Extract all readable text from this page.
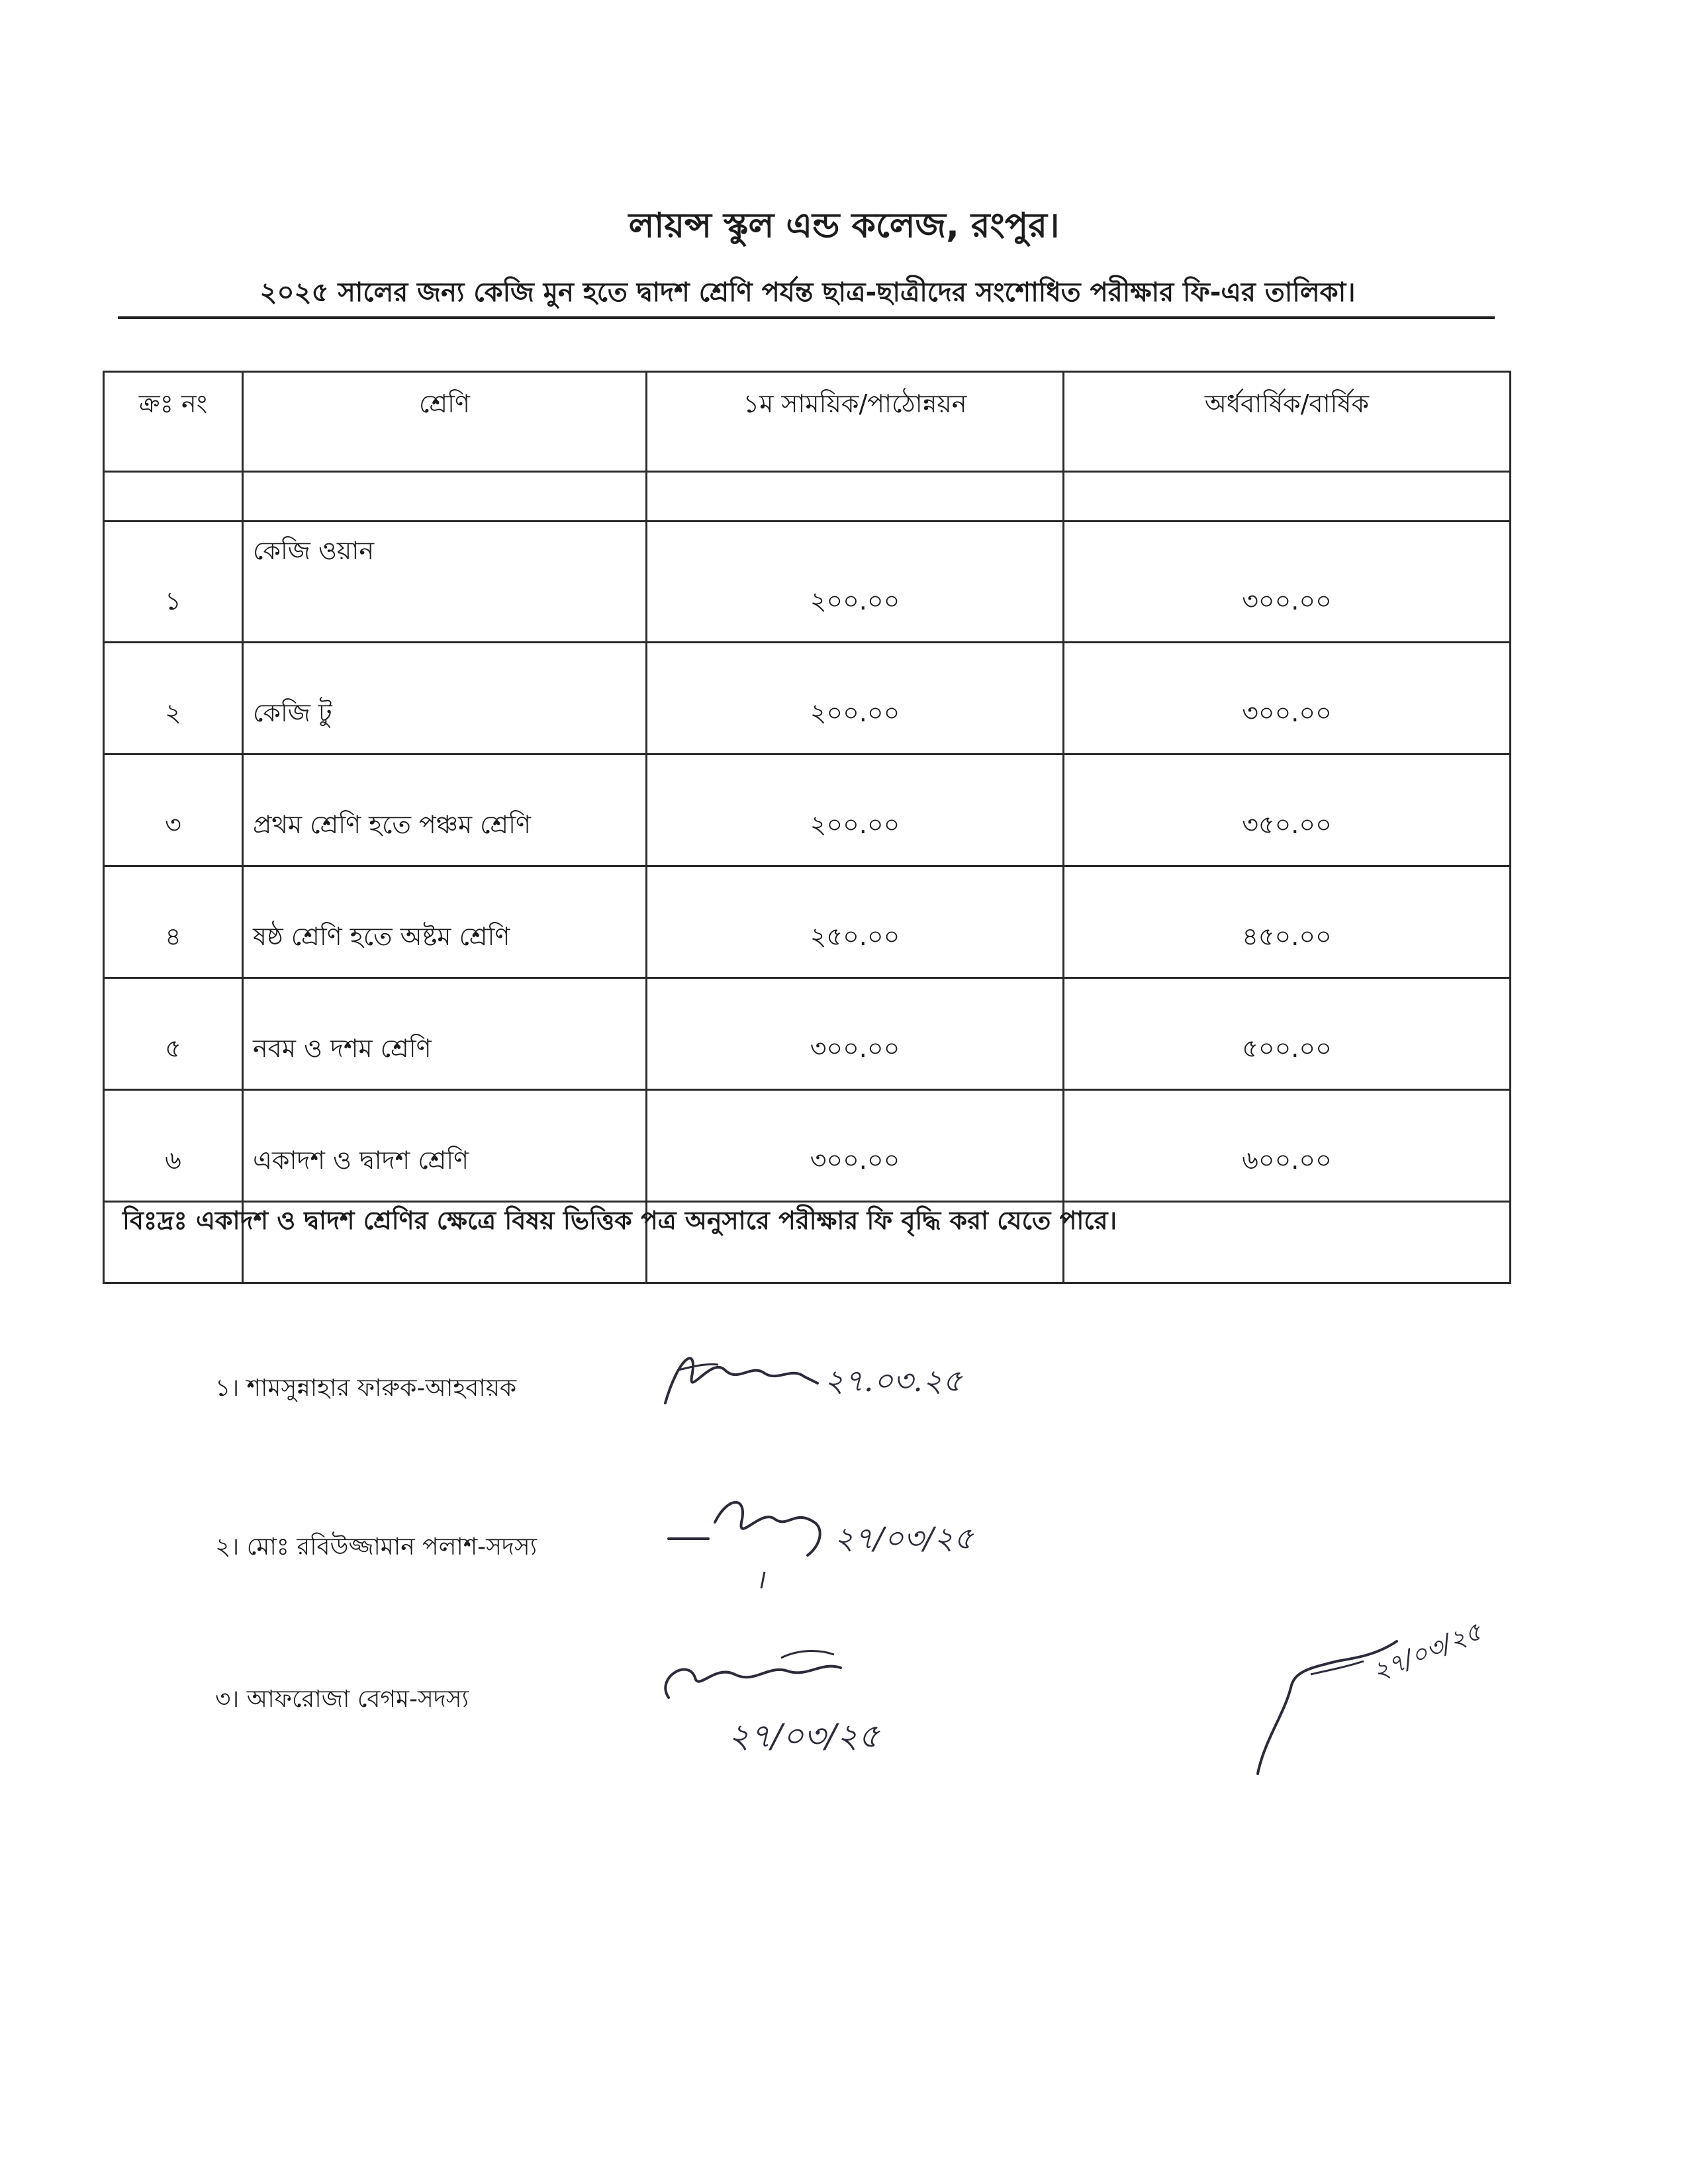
লায়ন্স স্কুল এন্ড কলেজ, রংপুর।
২০২৫ সালের জন্য কেজি মুন হতে দ্বাদশ শ্রেণি পর্যন্ত ছাত্র-ছাত্রীদের সংশোধিত পরীক্ষার ফি-এর তালিকা।
ক্রঃ নং	শ্রেণি	১ম সাময়িক/পাঠোন্নয়ন	অর্ধবার্ষিক/বার্ষিক

১	কেজি ওয়ান	২০০.০০	৩০০.০০
২	কেজি টু	২০০.০০	৩০০.০০
৩	প্রথম শ্রেণি হতে পঞ্চম শ্রেণি	২০০.০০	৩৫০.০০
৪	ষষ্ঠ শ্রেণি হতে অষ্টম শ্রেণি	২৫০.০০	৪৫০.০০
৫	নবম ও দশম শ্রেণি	৩০০.০০	৫০০.০০
৬	একাদশ ও দ্বাদশ শ্রেণি	৩০০.০০	৬০০.০০

বিঃদ্রঃ একাদশ ও দ্বাদশ শ্রেণির ক্ষেত্রে বিষয় ভিত্তিক পত্র অনুসারে পরীক্ষার ফি বৃদ্ধি করা যেতে পারে।
১। শামসুন্নাহার ফারুক-আহবায়ক
২। মোঃ রবিউজ্জামান পলাশ-সদস্য
৩। আফরোজা বেগম-সদস্য
২৭.০৩.২৫
২৭/০৩/২৫
২৭/০৩/২৫
২৭/০৩/২৫
